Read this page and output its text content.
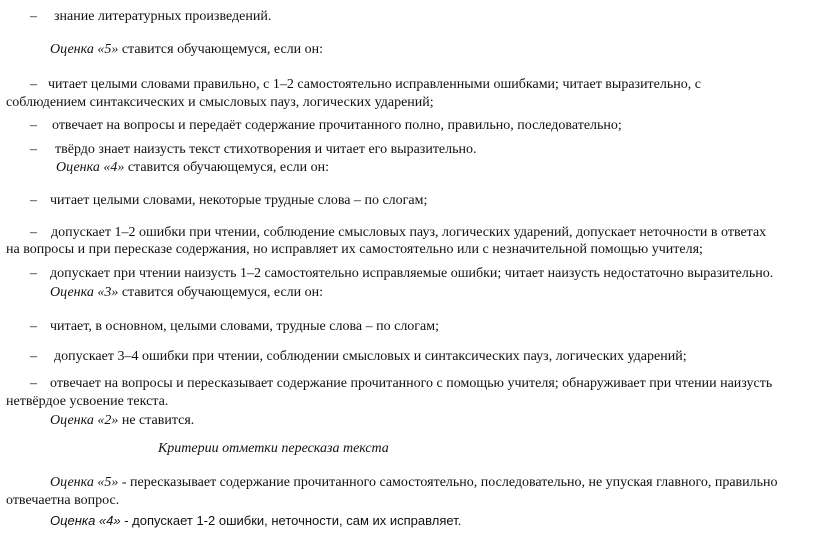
– знание литературных произведений.
Оценка «5» ставится обучающемуся, если он:
– читает целыми словами правильно, с 1–2 самостоятельно исправленными ошибками; читает выразительно, с
соблюдением синтаксических и смысловых пауз, логических ударений;
– отвечает на вопросы и передаёт содержание прочитанного полно, правильно, последовательно;
– твёрдо знает наизусть текст стихотворения и читает его выразительно.
Оценка «4» ставится обучающемуся, если он:
– читает целыми словами, некоторые трудные слова – по слогам;
– допускает 1–2 ошибки при чтении, соблюдение смысловых пауз, логических ударений, допускает неточности в ответах
на вопросы и при пересказе содержания, но исправляет их самостоятельно или с незначительной помощью учителя;
– допускает при чтении наизусть 1–2 самостоятельно исправляемые ошибки; читает наизусть недостаточно выразительно.
Оценка «3» ставится обучающемуся, если он:
– читает, в основном, целыми словами, трудные слова – по слогам;
– допускает 3–4 ошибки при чтении, соблюдении смысловых и синтаксических пауз, логических ударений;
– отвечает на вопросы и пересказывает содержание прочитанного с помощью учителя; обнаруживает при чтении наизусть
нетвёрдое усвоение текста.
Оценка «2» не ставится.
Критерии отметки пересказа текста
Оценка «5» - пересказывает содержание прочитанного самостоятельно, последовательно, не упуская главного, правильно
отвечаетна вопрос.
Оценка «4» - допускает 1-2 ошибки, неточности, сам их исправляет.
